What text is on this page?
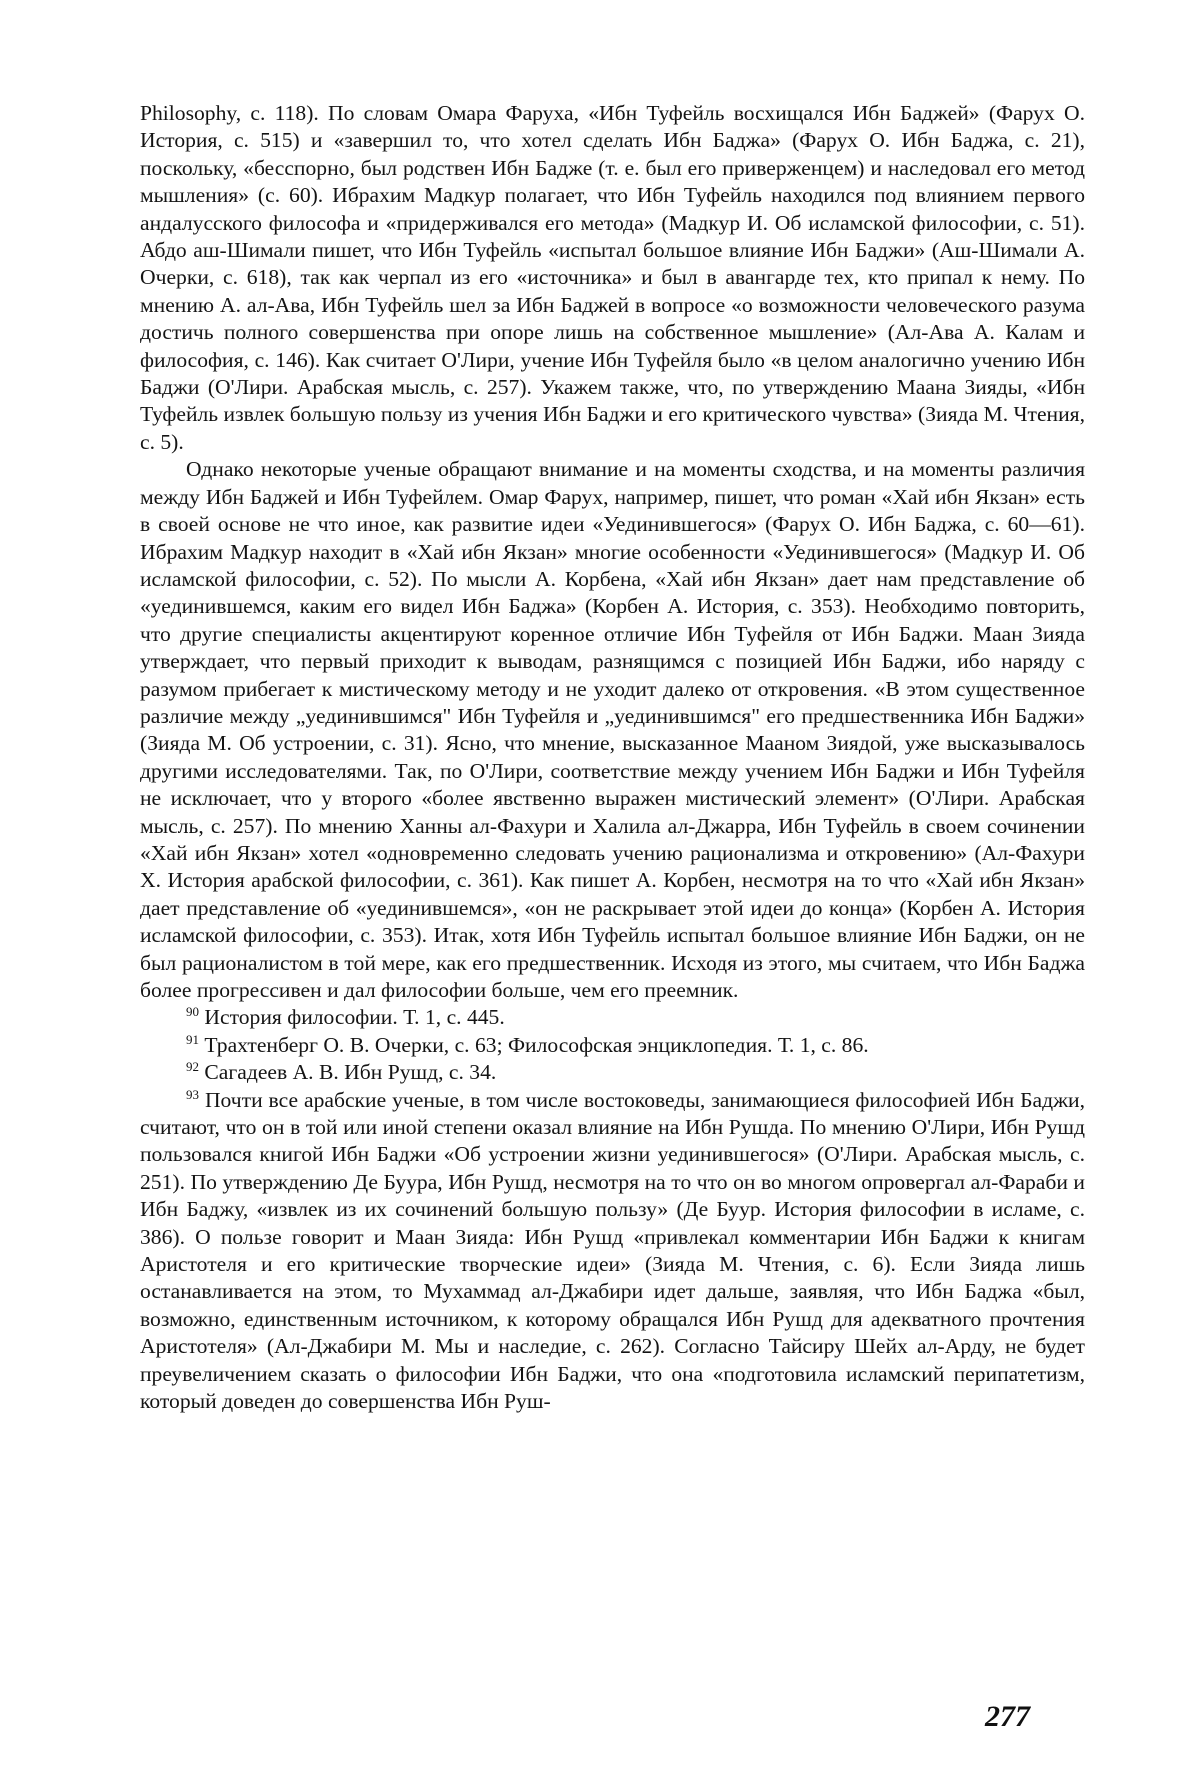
Philosophy, с. 118). По словам Омара Фаруха, «Ибн Туфейль восхищался Ибн Баджей» (Фарух О. История, с. 515) и «завершил то, что хотел сделать Ибн Баджа» (Фарух О. Ибн Баджа, с. 21), поскольку, «бесспорно, был родствен Ибн Бадже (т. е. был его приверженцем) и наследовал его метод мышления» (с. 60). Ибрахим Мадкур полагает, что Ибн Туфейль находился под влиянием первого андалусского философа и «придерживался его метода» (Мадкур И. Об исламской философии, с. 51). Абдо аш-Шимали пишет, что Ибн Туфейль «испытал большое влияние Ибн Баджи» (Аш-Шимали А. Очерки, с. 618), так как черпал из его «источника» и был в авангарде тех, кто припал к нему. По мнению А. ал-Ава, Ибн Туфейль шел за Ибн Баджей в вопросе «о возможности человеческого разума достичь полного совершенства при опоре лишь на собственное мышление» (Ал-Ава А. Калам и философия, с. 146). Как считает О'Лири, учение Ибн Туфейля было «в целом аналогично учению Ибн Баджи (О'Лири. Арабская мысль, с. 257). Укажем также, что, по утверждению Маана Зияды, «Ибн Туфейль извлек большую пользу из учения Ибн Баджи и его критического чувства» (Зияда М. Чтения, с. 5).

Однако некоторые ученые обращают внимание и на моменты сходства, и на моменты различия между Ибн Баджей и Ибн Туфейлем. Омар Фарух, например, пишет, что роман «Хай ибн Якзан» есть в своей основе не что иное, как развитие идеи «Уединившегося» (Фарух О. Ибн Баджа, с. 60—61). Ибрахим Мадкур находит в «Хай ибн Якзан» многие особенности «Уединившегося» (Мадкур И. Об исламской философии, с. 52). По мысли А. Корбена, «Хай ибн Якзан» дает нам представление об «уединившемся, каким его видел Ибн Баджа» (Корбен А. История, с. 353). Необходимо повторить, что другие специалисты акцентируют коренное отличие Ибн Туфейля от Ибн Баджи. Маан Зияда утверждает, что первый приходит к выводам, разнящимся с позицией Ибн Баджи, ибо наряду с разумом прибегает к мистическому методу и не уходит далеко от откровения. «В этом существенное различие между „уединившимся" Ибн Туфейля и „уединившимся" его предшественника Ибн Баджи» (Зияда М. Об устроении, с. 31). Ясно, что мнение, высказанное Мааном Зиядой, уже высказывалось другими исследователями. Так, по О'Лири, соответствие между учением Ибн Баджи и Ибн Туфейля не исключает, что у второго «более явственно выражен мистический элемент» (О'Лири. Арабская мысль, с. 257). По мнению Ханны ал-Фахури и Халила ал-Джарра, Ибн Туфейль в своем сочинении «Хай ибн Якзан» хотел «одновременно следовать учению рационализма и откровению» (Ал-Фахури Х. История арабской философии, с. 361). Как пишет А. Корбен, несмотря на то что «Хай ибн Якзан» дает представление об «уединившемся», «он не раскрывает этой идеи до конца» (Корбен А. История исламской философии, с. 353). Итак, хотя Ибн Туфейль испытал большое влияние Ибн Баджи, он не был рационалистом в той мере, как его предшественник. Исходя из этого, мы считаем, что Ибн Баджа более прогрессивен и дал философии больше, чем его преемник.

$^{90}$ История философии. Т. 1, с. 445.

$^{91}$ Трахтенберг О. В. Очерки, с. 63; Философская энциклопедия. Т. 1, с. 86.

$^{92}$ Сагадеев А. В. Ибн Рушд, с. 34.

$^{93}$ Почти все арабские ученые, в том числе востоковеды, занимающиеся философией Ибн Баджи, считают, что он в той или иной степени оказал влияние на Ибн Рушда. По мнению О'Лири, Ибн Рушд пользовался книгой Ибн Баджи «Об устроении жизни уединившегося» (О'Лири. Арабская мысль, с. 251). По утверждению Де Буура, Ибн Рушд, несмотря на то что он во многом опровергал ал-Фараби и Ибн Баджу, «извлек из их сочинений большую пользу» (Де Буур. История философии в исламе, с. 386). О пользе говорит и Маан Зияда: Ибн Рушд «привлекал комментарии Ибн Баджи к книгам Аристотеля и его критические творческие идеи» (Зияда М. Чтения, с. 6). Если Зияда лишь останавливается на этом, то Мухаммад ал-Джабири идет дальше, заявляя, что Ибн Баджа «был, возможно, единственным источником, к которому обращался Ибн Рушд для адекватного прочтения Аристотеля» (Ал-Джабири М. Мы и наследие, с. 262). Согласно Тайсиру Шейх ал-Арду, не будет преувеличением сказать о философии Ибн Баджи, что она «подготовила исламский перипатетизм, который доведен до совершенства Ибн Руш-

277
